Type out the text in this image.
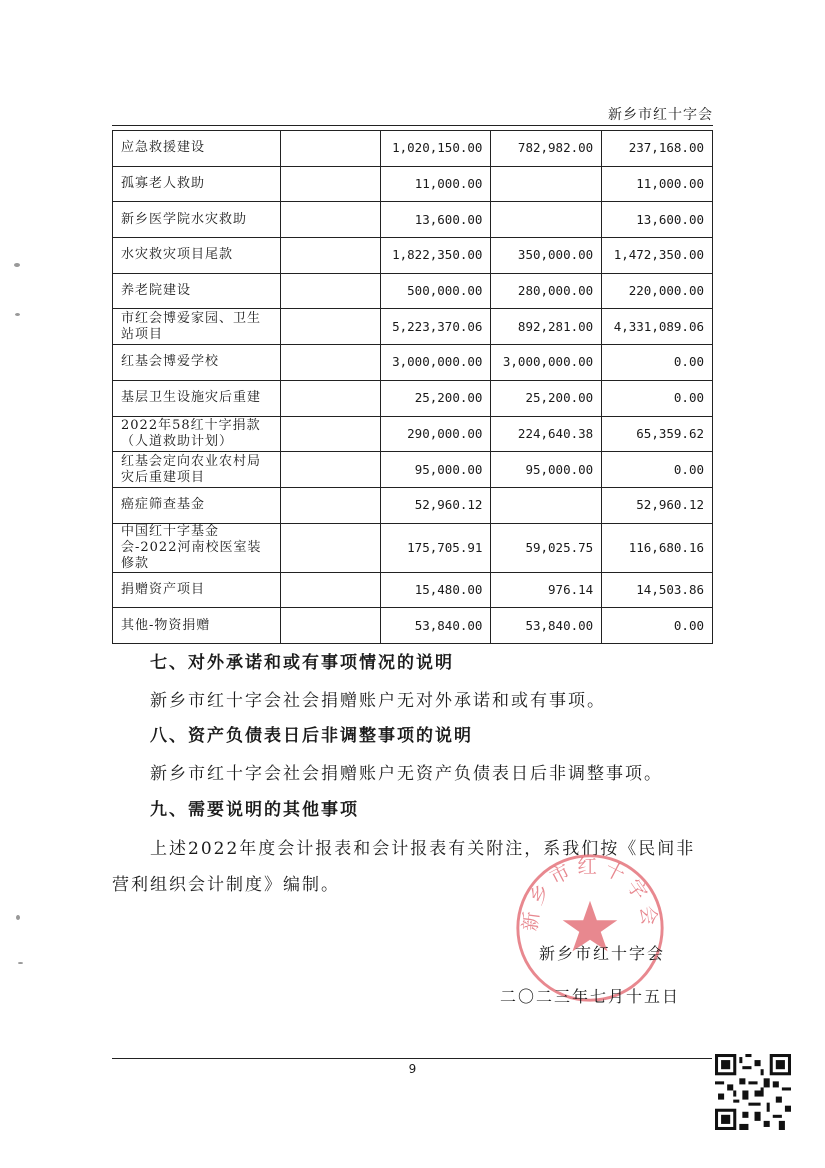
新乡市红十字会
应急救援建设		1,020,150.00	782,982.00	237,168.00
孤寡老人救助		11,000.00		11,000.00
新乡医学院水灾救助		13,600.00		13,600.00
水灾救灾项目尾款		1,822,350.00	350,000.00	1,472,350.00
养老院建设		500,000.00	280,000.00	220,000.00
市红会博爱家园、卫生站项目		5,223,370.06	892,281.00	4,331,089.06
红基会博爱学校		3,000,000.00	3,000,000.00	0.00
基层卫生设施灾后重建		25,200.00	25,200.00	0.00
2022年58红十字捐款（人道救助计划）		290,000.00	224,640.38	65,359.62
红基会定向农业农村局灾后重建项目		95,000.00	95,000.00	0.00
癌症筛查基金		52,960.12		52,960.12
中国红十字基金会-2022河南校医室装修款		175,705.91	59,025.75	116,680.16
捐赠资产项目		15,480.00	976.14	14,503.86
其他-物资捐赠		53,840.00	53,840.00	0.00
七、对外承诺和或有事项情况的说明
新乡市红十字会社会捐赠账户无对外承诺和或有事项。
八、资产负债表日后非调整事项的说明
新乡市红十字会社会捐赠账户无资产负债表日后非调整事项。
九、需要说明的其他事项
上述2022年度会计报表和会计报表有关附注，系我们按《民间非营利组织会计制度》编制。
新乡市红十字会
新乡市红十字会
二〇二三年七月十五日
9
